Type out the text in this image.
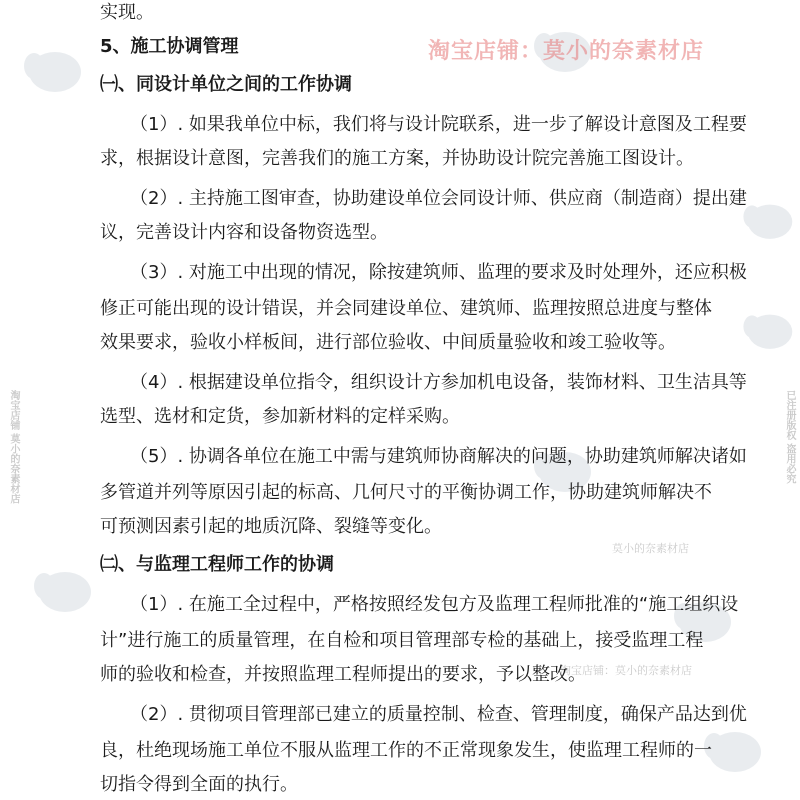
淘宝店铺：莫小的奈素材店
淘宝店铺 莫小的奈素材店	已注册版权 盗用必究
莫小的奈素材店
淘宝店铺：莫小的奈素材店
实现。
5、施工协调管理
㈠、同设计单位之间的工作协调
（1）. 如果我单位中标，我们将与设计院联系，进一步了解设计意图及工程要
求，根据设计意图，完善我们的施工方案，并协助设计院完善施工图设计。
（2）. 主持施工图审查，协助建设单位会同设计师、供应商（制造商）提出建
议，完善设计内容和设备物资选型。
（3）. 对施工中出现的情况，除按建筑师、监理的要求及时处理外，还应积极
修正可能出现的设计错误，并会同建设单位、建筑师、监理按照总进度与整体
效果要求，验收小样板间，进行部位验收、中间质量验收和竣工验收等。
（4）. 根据建设单位指令，组织设计方参加机电设备，装饰材料、卫生洁具等
选型、选材和定货，参加新材料的定样采购。
（5）. 协调各单位在施工中需与建筑师协商解决的问题，协助建筑师解决诸如
多管道并列等原因引起的标高、几何尺寸的平衡协调工作，协助建筑师解决不
可预测因素引起的地质沉降、裂缝等变化。
㈡、与监理工程师工作的协调
（1）. 在施工全过程中，严格按照经发包方及监理工程师批准的“施工组织设
计”进行施工的质量管理，在自检和项目管理部专检的基础上，接受监理工程
师的验收和检查，并按照监理工程师提出的要求，予以整改。
（2）. 贯彻项目管理部已建立的质量控制、检查、管理制度，确保产品达到优
良，杜绝现场施工单位不服从监理工作的不正常现象发生，使监理工程师的一
切指令得到全面的执行。
